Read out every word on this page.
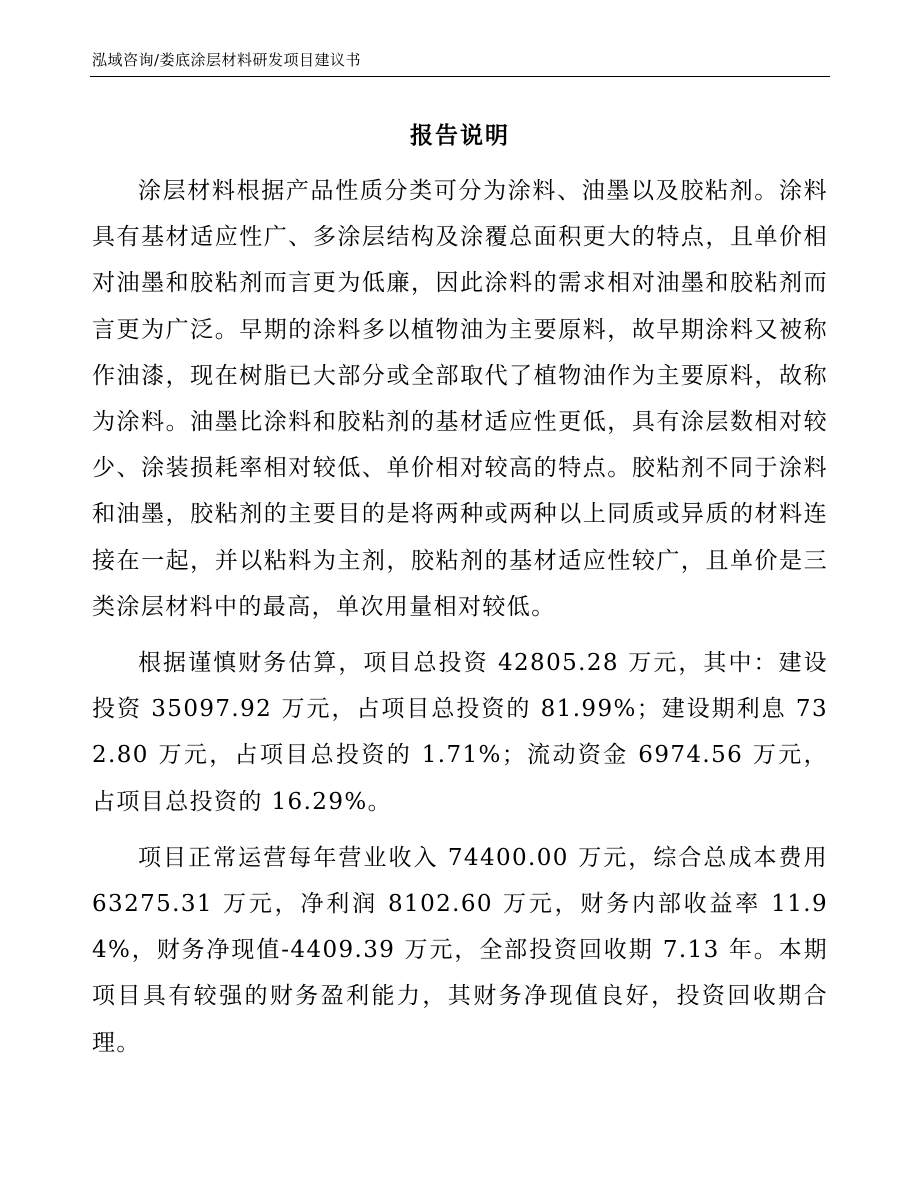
泓域咨询/娄底涂层材料研发项目建议书
报告说明

涂层材料根据产品性质分类可分为涂料、油墨以及胶粘剂。涂料具有基材适应性广、多涂层结构及涂覆总面积更大的特点，且单价相对油墨和胶粘剂而言更为低廉，因此涂料的需求相对油墨和胶粘剂而言更为广泛。早期的涂料多以植物油为主要原料，故早期涂料又被称作油漆，现在树脂已大部分或全部取代了植物油作为主要原料，故称为涂料。油墨比涂料和胶粘剂的基材适应性更低，具有涂层数相对较少、涂装损耗率相对较低、单价相对较高的特点。胶粘剂不同于涂料和油墨，胶粘剂的主要目的是将两种或两种以上同质或异质的材料连接在一起，并以粘料为主剂，胶粘剂的基材适应性较广，且单价是三类涂层材料中的最高，单次用量相对较低。

根据谨慎财务估算，项目总投资 42805.28 万元，其中：建设投资 35097.92 万元，占项目总投资的 81.99%；建设期利息 732.80 万元，占项目总投资的 1.71%；流动资金 6974.56 万元，占项目总投资的 16.29%。

项目正常运营每年营业收入 74400.00 万元，综合总成本费用 63275.31 万元，净利润 8102.60 万元，财务内部收益率 11.94%，财务净现值-4409.39 万元，全部投资回收期 7.13 年。本期项目具有较强的财务盈利能力，其财务净现值良好，投资回收期合理。
